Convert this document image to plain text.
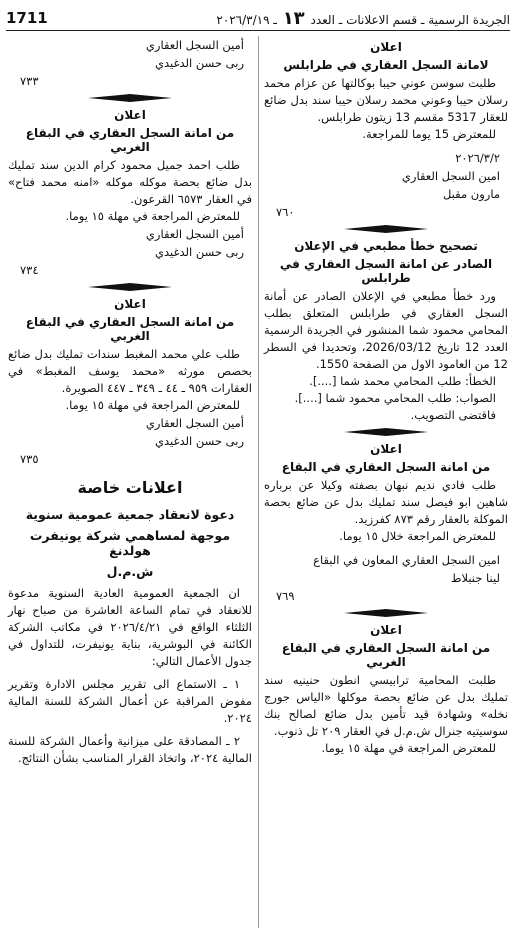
الجريدة الرسمية ـ قسم الاعلانات ـ العدد ١٣ ـ ٢٠٢٦/٣/١٩
1711
اعلان
لامانة السجل العقاري في طرابلس

طلبت سوسن عوني حيبا بوكالتها عن عزام محمد رسلان حيبا وعوني محمد رسلان حيبا سند بدل ضائع للعقار 5317 مقسم 13 زيتون طرابلس.

للمعترض 15 يوما للمراجعة.

٢٠٢٦/٣/٢

امين السجل العقاري

مارون مقبل

٧٦٠
تصحيح خطأ مطبعي في الإعلان
الصادر عن امانة السجل العقاري في طرابلس

ورد خطأ مطبعي في الإعلان الصادر عن أمانة السجل العقاري في طرابلس المتعلق بطلب المحامي محمود شما المنشور في الجريدة الرسمية العدد 12 تاريخ 2026/03/12، وتحديدا في السطر 12 من العامود الاول من الصفحة 1550.

الخطأ: طلب المحامي محمد شما [....].

الصواب: طلب المحامي محمود شما [....].

فاقتضى التصويب.

اعلان
من امانة السجل العقاري في البقاع

طلب فادي نديم نبهان بصفته وكيلا عن برباره شاهين ابو فيصل سند تمليك بدل عن ضائع بحصة الموكلة بالعقار رقم ٨٧٣ كفرزيد.

للمعترض المراجعة خلال ١٥ يوما.

امين السجل العقاري المعاون في البقاع

لينا جنبلاط

٧٦٩
اعلان
من امانة السجل العقاري في البقاع الغربي

طلبت المحامية ترابيسي انطون حنينيه سند تمليك بدل عن ضائع بحصة موكلها «الياس جورج نخله» وشهادة قيد تأمين بدل ضائع لصالح بنك سوسيتيه جنرال ش.م.ل في العقار ٢٠٩ تل ذنوب.

للمعترض المراجعة في مهلة ١٥ يوما.

أمين السجل العقاري

ربى حسن الدغيدي

٧٣٣
اعلان
من امانة السجل العقاري في البقاع الغربي

طلب احمد جميل محمود كرام الدين سند تمليك بدل ضائع بحصة موكله موكله «امنه محمد فتاح» في العقار ٦٥٧٣ القرعون.

للمعترض المراجعة في مهلة ١٥ يوما.

أمين السجل العقاري

ربى حسن الدغيدي

٧٣٤
اعلان
من امانة السجل العقاري في البقاع الغربي

طلب علي محمد المغبط سندات تمليك بدل ضائع بحصص مورثه «محمد يوسف المغبط» في العقارات ٩٥٩ ـ ٤٤ ـ ٣٤٩ ـ ٤٤٧ الصويرة.

للمعترض المراجعة في مهلة ١٥ يوما.

أمين السجل العقاري

ربى حسن الدغيدي

٧٣٥
اعلانات خاصة
دعوة لانعقاد جمعية عمومية سنوية
موجهة لمساهمي شركة يونيفرت هولدنغ
ش.م.ل

ان الجمعية العمومية العادية السنوية مدعوة للانعقاد في تمام الساعة العاشرة من صباح نهار الثلثاء الواقع في ٢٠٢٦/٤/٢١ في مكاتب الشركة الكائنة في البوشرية، بناية يونيفرت، للتداول في جدول الأعمال التالي:

١ ـ الاستماع الى تقرير مجلس الادارة وتقرير مفوض المراقبة عن أعمال الشركة للسنة المالية ٢٠٢٤.

٢ ـ المصادقة على ميزانية وأعمال الشركة للسنة المالية ٢٠٢٤، واتخاذ القرار المناسب بشأن النتائج.
